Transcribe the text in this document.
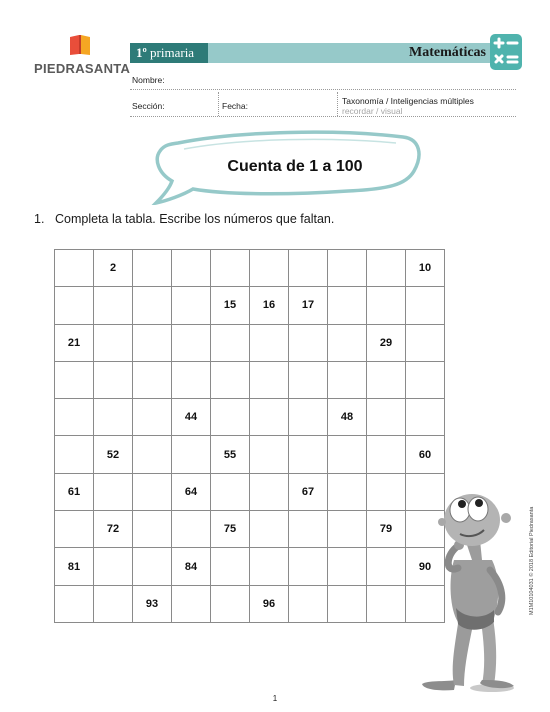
PIEDRASANTA
1º primaria	Matemáticas
Nombre:
Sección:	Fecha:	Taxonomía / Inteligencias múltiples
recordar / visual
Cuenta de 1 a 100
1. Completa la tabla. Escribe los números que faltan.
	2								10
				15	16	17			
21								29	

			44				48		
	52			55					60
61			64			67			
	72			75				79	
81			84						90
		93			96					M1M10104031 © 2018 Editorial Piedrasanta
1
